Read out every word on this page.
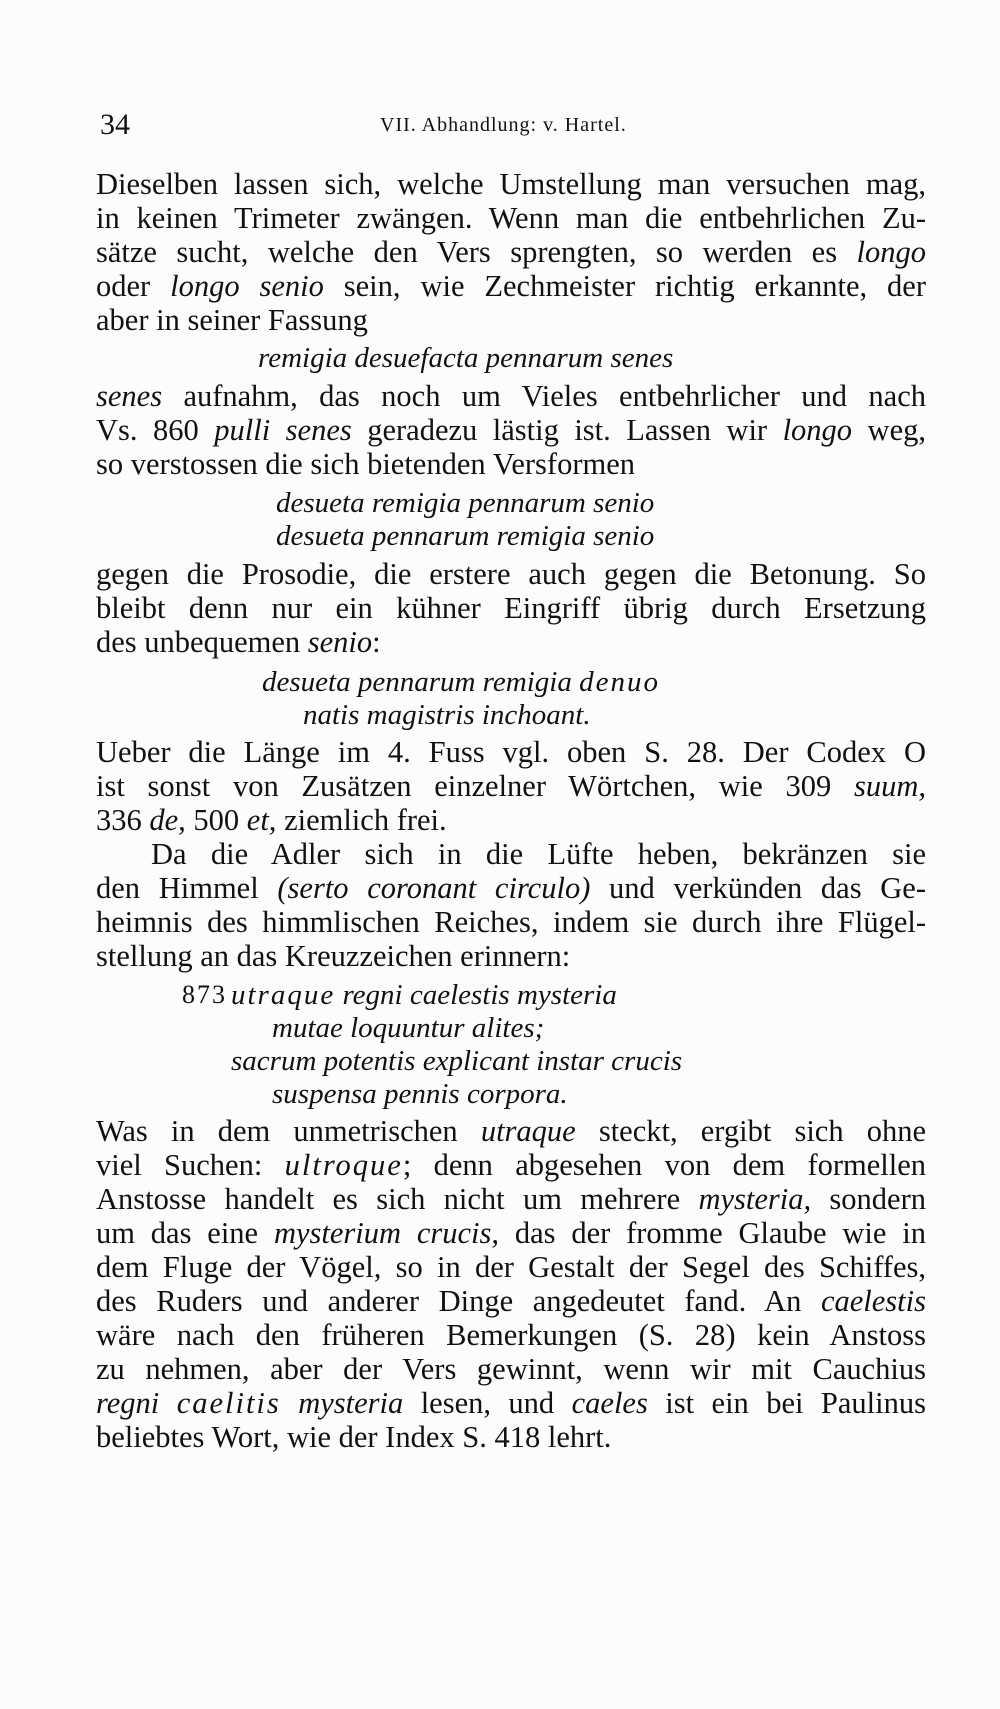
34	VII. Abhandlung: v. Hartel.
Dieselben lassen sich, welche Umstellung man versuchen mag,
in keinen Trimeter zwängen. Wenn man die entbehrlichen Zu-
sätze sucht, welche den Vers sprengten, so werden es longo
oder longo senio sein, wie Zechmeister richtig erkannte, der
aber in seiner Fassung
remigia desuefacta pennarum senes
senes aufnahm, das noch um Vieles entbehrlicher und nach
Vs. 860 pulli senes geradezu lästig ist. Lassen wir longo weg,
so verstossen die sich bietenden Versformen
desueta remigia pennarum senio
desueta pennarum remigia senio
gegen die Prosodie, die erstere auch gegen die Betonung. So
bleibt denn nur ein kühner Eingriff übrig durch Ersetzung
des unbequemen senio:
desueta pennarum remigia denuo
natis magistris inchoant.
Ueber die Länge im 4. Fuss vgl. oben S. 28. Der Codex O
ist sonst von Zusätzen einzelner Wörtchen, wie 309 suum,
336 de, 500 et, ziemlich frei.
Da die Adler sich in die Lüfte heben, bekränzen sie
den Himmel (serto coronant circulo) und verkünden das Ge-
heimnis des himmlischen Reiches, indem sie durch ihre Flügel-
stellung an das Kreuzzeichen erinnern:
873 utraque regni caelestis mysteria
mutae loquuntur alites;
sacrum potentis explicant instar crucis
suspensa pennis corpora.
Was in dem unmetrischen utraque steckt, ergibt sich ohne
viel Suchen: ultroque; denn abgesehen von dem formellen
Anstosse handelt es sich nicht um mehrere mysteria, sondern
um das eine mysterium crucis, das der fromme Glaube wie in
dem Fluge der Vögel, so in der Gestalt der Segel des Schiffes,
des Ruders und anderer Dinge angedeutet fand. An caelestis
wäre nach den früheren Bemerkungen (S. 28) kein Anstoss
zu nehmen, aber der Vers gewinnt, wenn wir mit Cauchius
regni caelitis mysteria lesen, und caeles ist ein bei Paulinus
beliebtes Wort, wie der Index S. 418 lehrt.
